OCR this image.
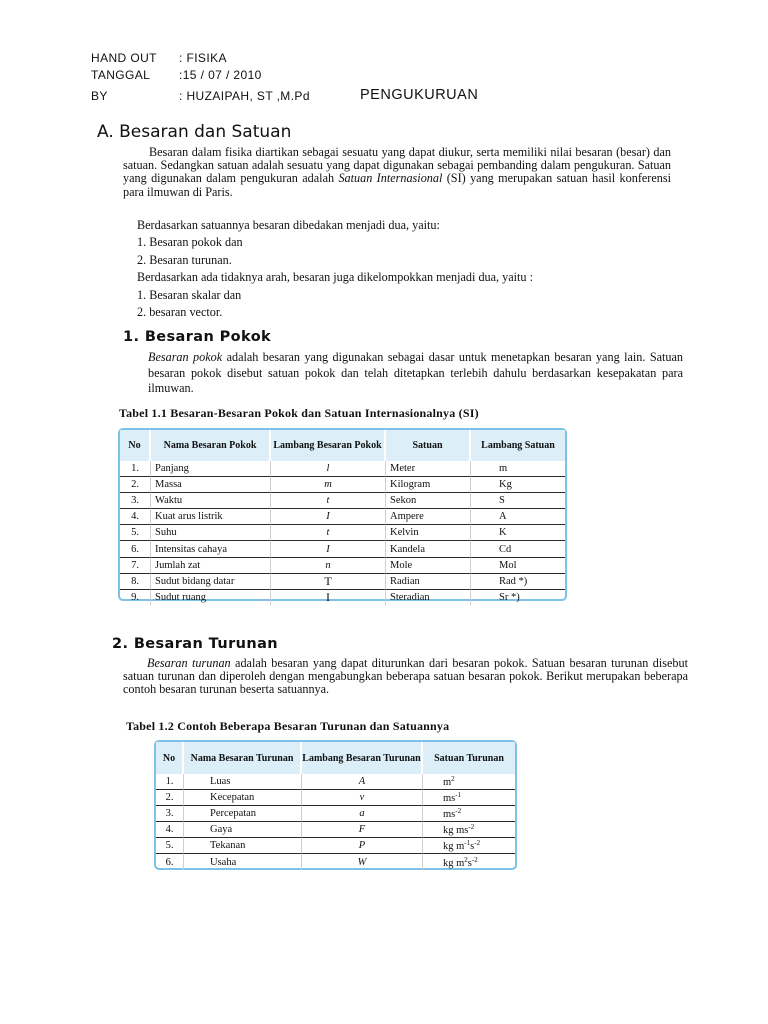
HAND OUT : FISIKA
TANGGAL :15 / 07 / 2010
BY	: HUZAIPAH, ST ,M.Pd	PENGUKURUAN
A. Besaran dan Satuan
Besaran dalam fisika diartikan sebagai sesuatu yang dapat diukur, serta memiliki nilai besaran (besar) dan satuan. Sedangkan satuan adalah sesuatu yang dapat digunakan sebagai pembanding dalam pengukuran. Satuan yang digunakan dalam pengukuran adalah Satuan Internasional (SI) yang merupakan satuan hasil konferensi para ilmuwan di Paris.
Berdasarkan satuannya besaran dibedakan menjadi dua, yaitu:
1. Besaran pokok dan
2. Besaran turunan.
Berdasarkan ada tidaknya arah, besaran juga dikelompokkan menjadi dua, yaitu :
1. Besaran skalar dan
2. besaran vector.
1. Besaran Pokok
Besaran pokok adalah besaran yang digunakan sebagai dasar untuk menetapkan besaran yang lain. Satuan besaran pokok disebut satuan pokok dan telah ditetapkan terlebih dahulu berdasarkan kesepakatan para ilmuwan.
Tabel 1.1 Besaran-Besaran Pokok dan Satuan Internasionalnya (SI)
No	Nama Besaran Pokok	Lambang Besaran Pokok	Satuan	Lambang Satuan
1.	Panjang	l	Meter	m
2.	Massa	m	Kilogram	Kg
3.	Waktu	t	Sekon	S
4.	Kuat arus listrik	I	Ampere	A
5.	Suhu	t	Kelvin	K
6.	Intensitas cahaya	I	Kandela	Cd
7.	Jumlah zat	n	Mole	Mol
8.	Sudut bidang datar	T	Radian	Rad *)
9.	Sudut ruang	I	Steradian	Sr *)
2. Besaran Turunan
Besaran turunan adalah besaran yang dapat diturunkan dari besaran pokok. Satuan besaran turunan disebut satuan turunan dan diperoleh dengan mengabungkan beberapa satuan besaran pokok. Berikut merupakan beberapa contoh besaran turunan beserta satuannya.
Tabel 1.2 Contoh Beberapa Besaran Turunan dan Satuannya
No	Nama Besaran Turunan	Lambang Besaran Turunan	Satuan Turunan
1.	Luas	A	$m^2$
2.	Kecepatan	v	$ms^{-1}$
3.	Percepatan	a	$ms^{-2}$
4.	Gaya	F	kg $ms^{-2}$
5.	Tekanan	P	kg $m^{-1}s^{-2}$
6.	Usaha	W	kg $m^2s^{-2}$
